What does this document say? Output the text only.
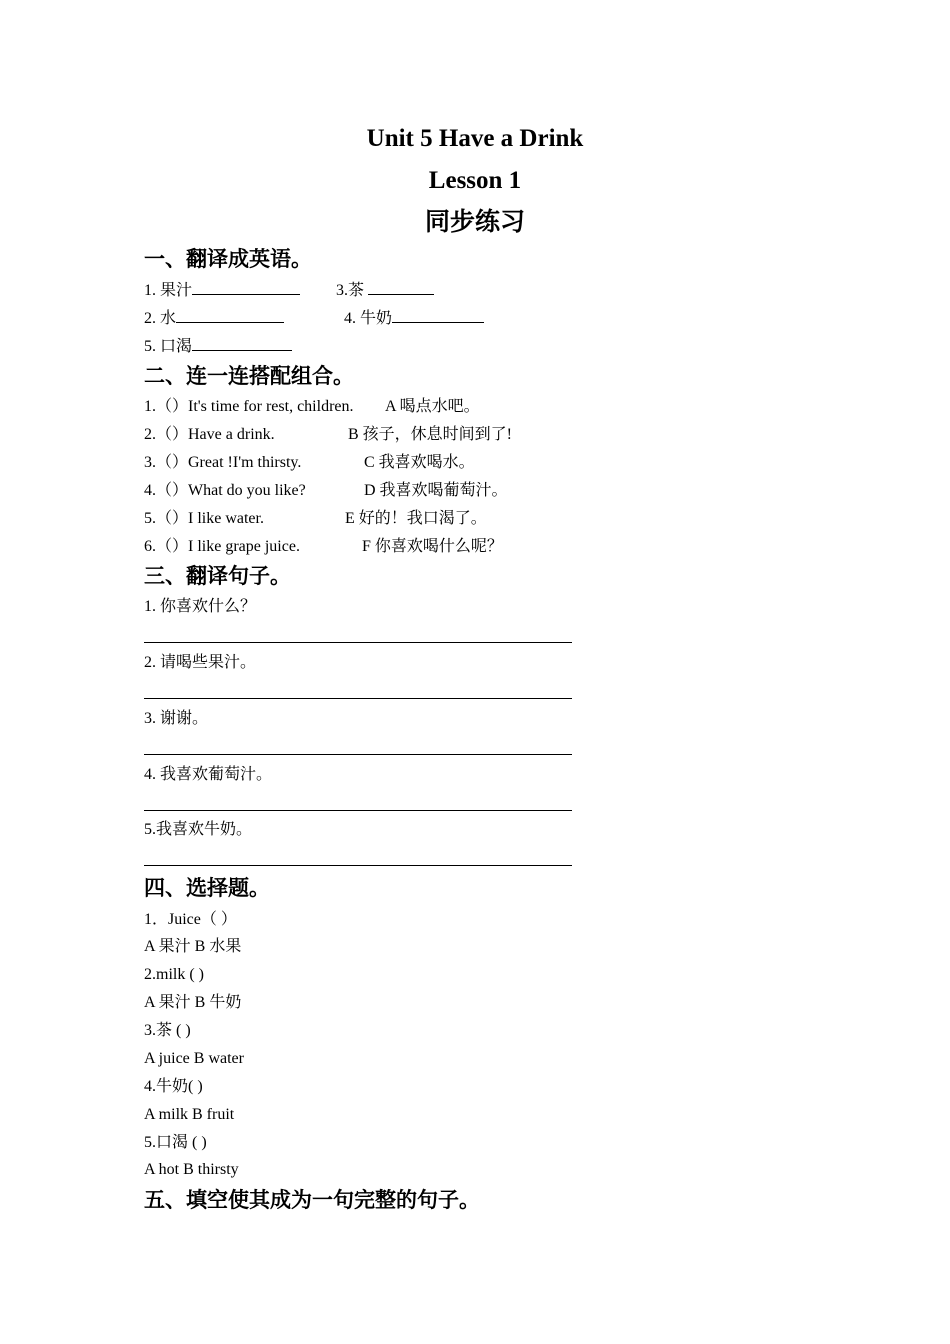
Unit 5 Have a Drink
Lesson 1
同步练习
一、翻译成英语。
1. 果汁	3.茶
2. 水	4. 牛奶
5. 口渴
二、连一连搭配组合。
1.（）It's time for rest, children. A 喝点水吧。
2.（）Have a drink.	B 孩子，休息时间到了!
3.（）Great !I'm thirsty.	C 我喜欢喝水。
4.（）What do you like?	D 我喜欢喝葡萄汁。
5.（）I like water.	E 好的！我口渴了。
6.（）I like grape juice.	F 你喜欢喝什么呢？
三、翻译句子。
1. 你喜欢什么？
2. 请喝些果汁。
3. 谢谢。
4. 我喜欢葡萄汁。
5.我喜欢牛奶。
四、选择题。
1．Juice（ ）
A 果汁 B 水果
2.milk ( )
A 果汁 B 牛奶
3.茶 ( )
A juice B water
4.牛奶( )
A milk B fruit
5.口渴 ( )
A hot B thirsty
五、填空使其成为一句完整的句子。
